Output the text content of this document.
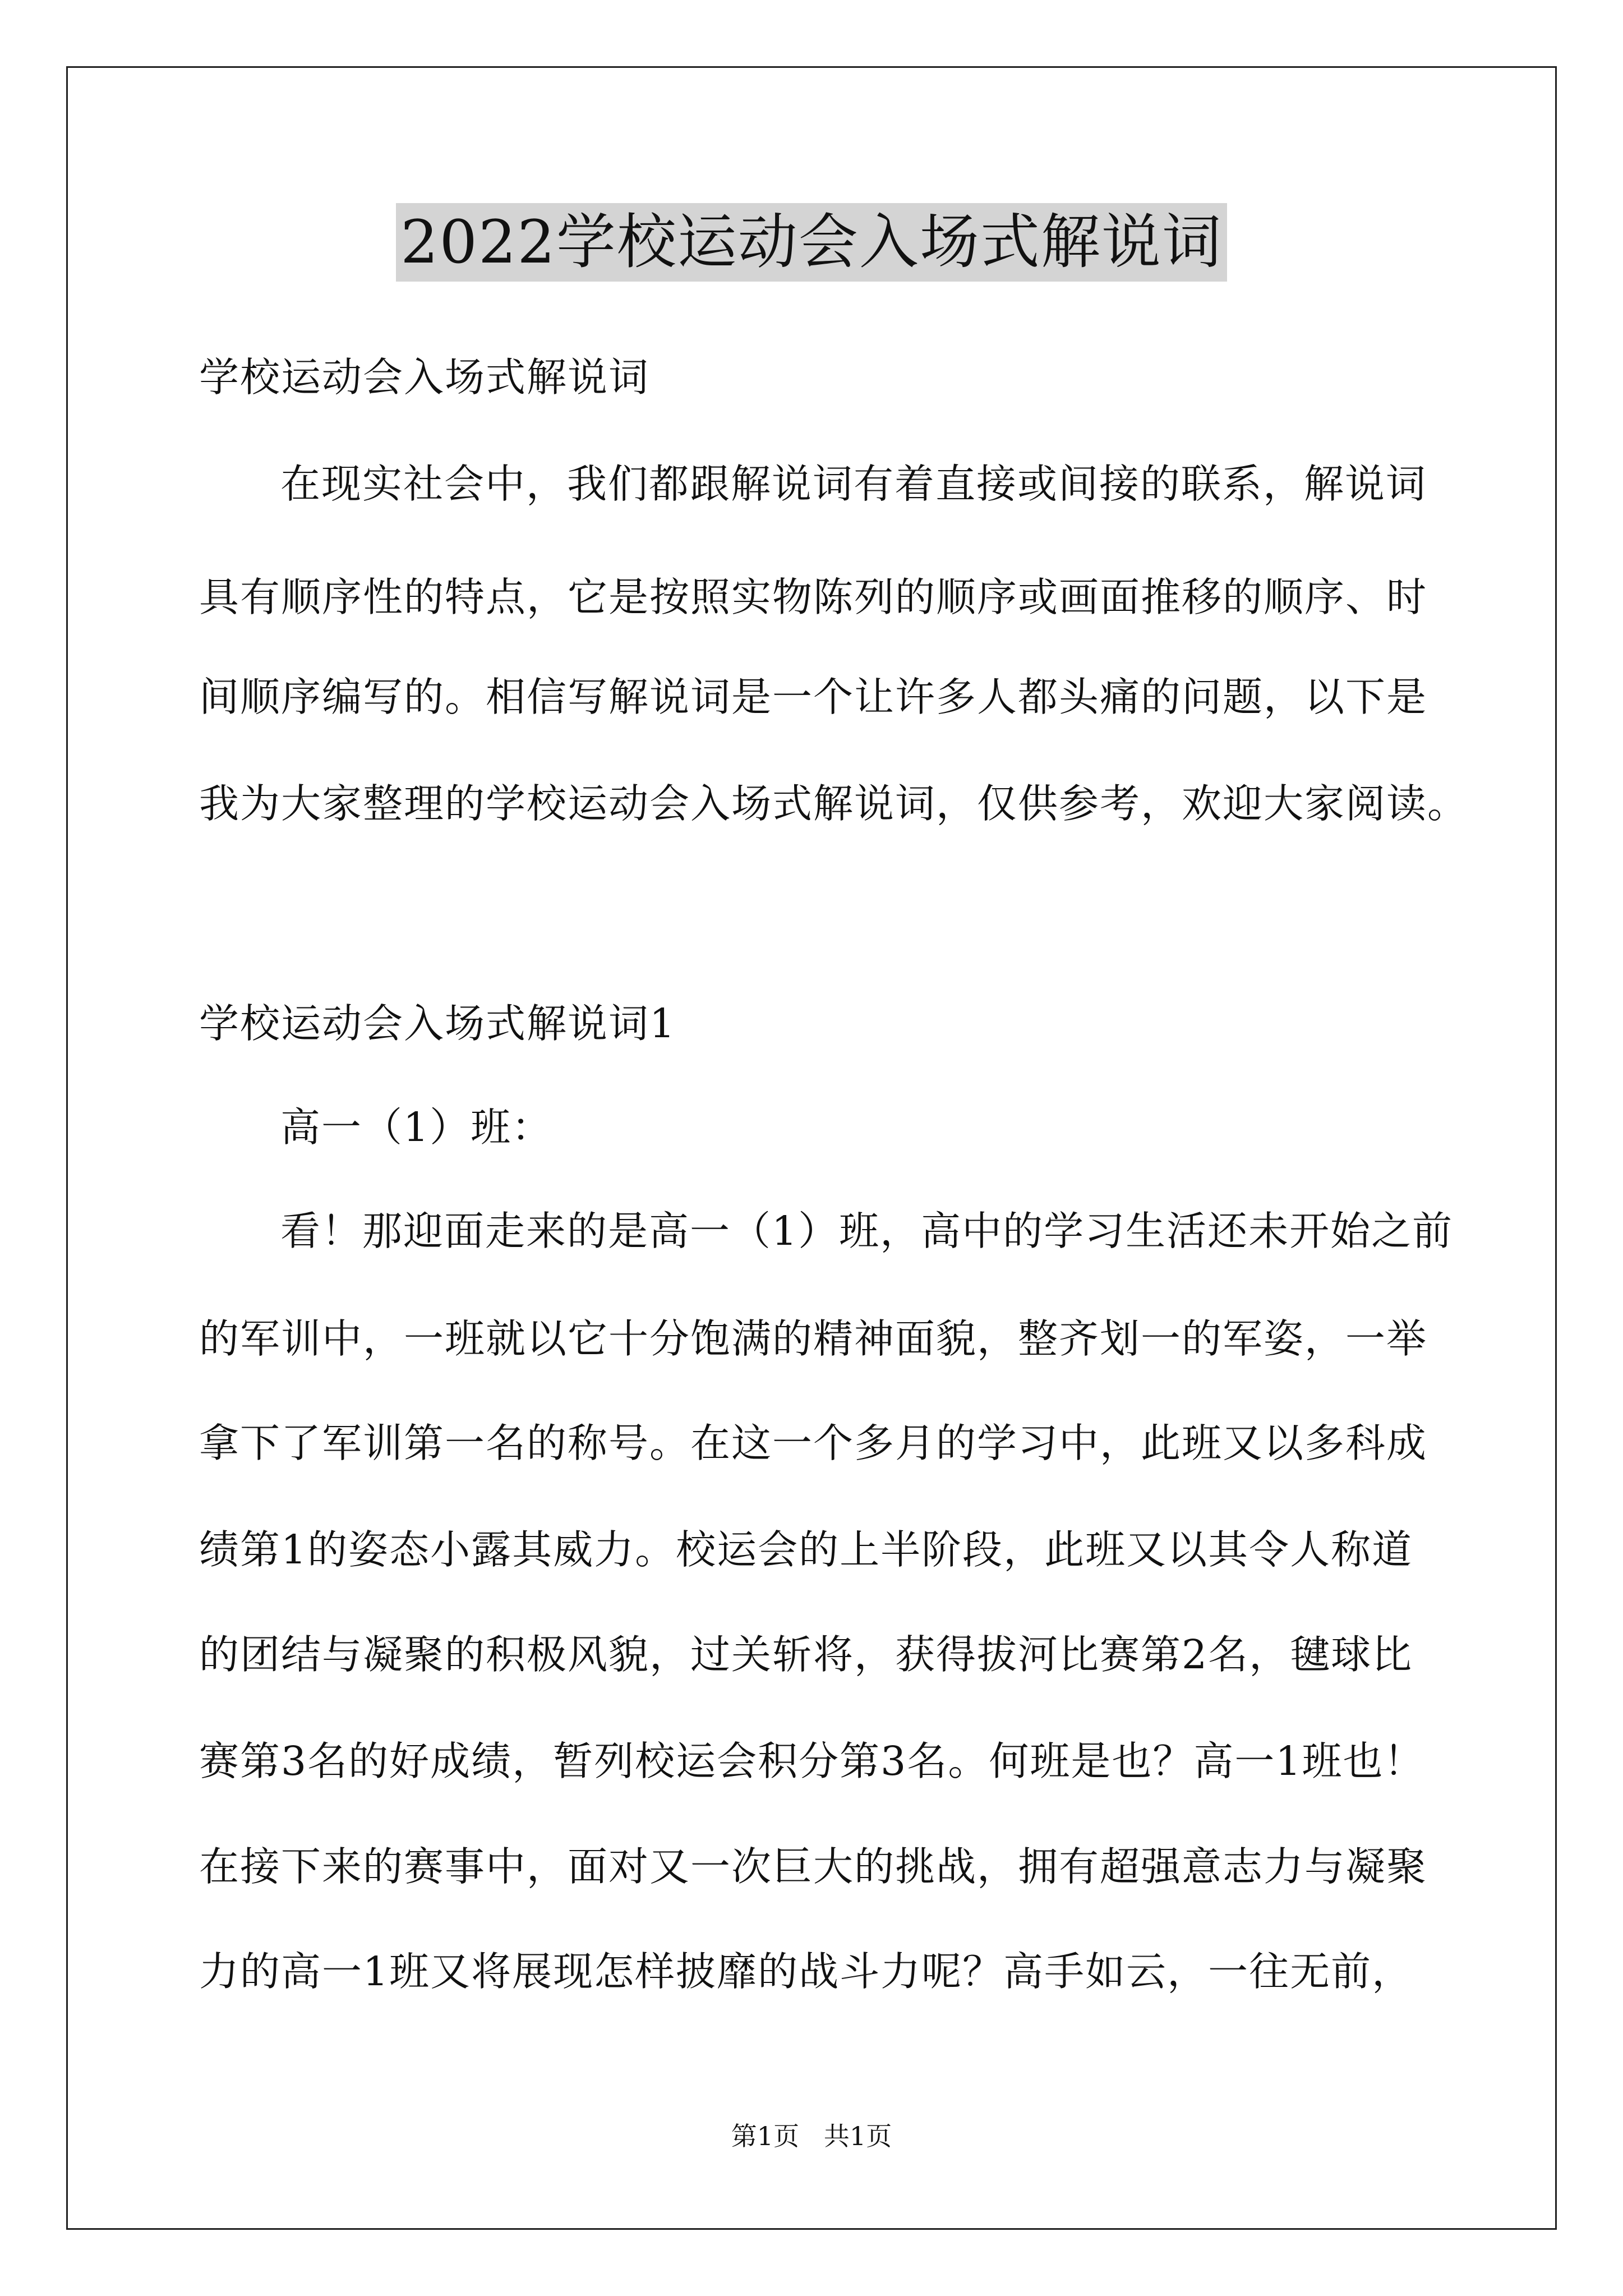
2022学校运动会入场式解说词

学校运动会入场式解说词

在现实社会中，我们都跟解说词有着直接或间接的联系，解说词

具有顺序性的特点，它是按照实物陈列的顺序或画面推移的顺序、时

间顺序编写的。相信写解说词是一个让许多人都头痛的问题，以下是

我为大家整理的学校运动会入场式解说词，仅供参考，欢迎大家阅读。

学校运动会入场式解说词1

高一（1）班：

看！那迎面走来的是高一（1）班，高中的学习生活还未开始之前

的军训中，一班就以它十分饱满的精神面貌，整齐划一的军姿，一举

拿下了军训第一名的称号。在这一个多月的学习中，此班又以多科成

绩第1的姿态小露其威力。校运会的上半阶段，此班又以其令人称道

的团结与凝聚的积极风貌，过关斩将，获得拔河比赛第2名，毽球比

赛第3名的好成绩，暂列校运会积分第3名。何班是也？高一1班也！

在接下来的赛事中，面对又一次巨大的挑战，拥有超强意志力与凝聚

力的高一1班又将展现怎样披靡的战斗力呢？高手如云，一往无前，

第1页   共1页
